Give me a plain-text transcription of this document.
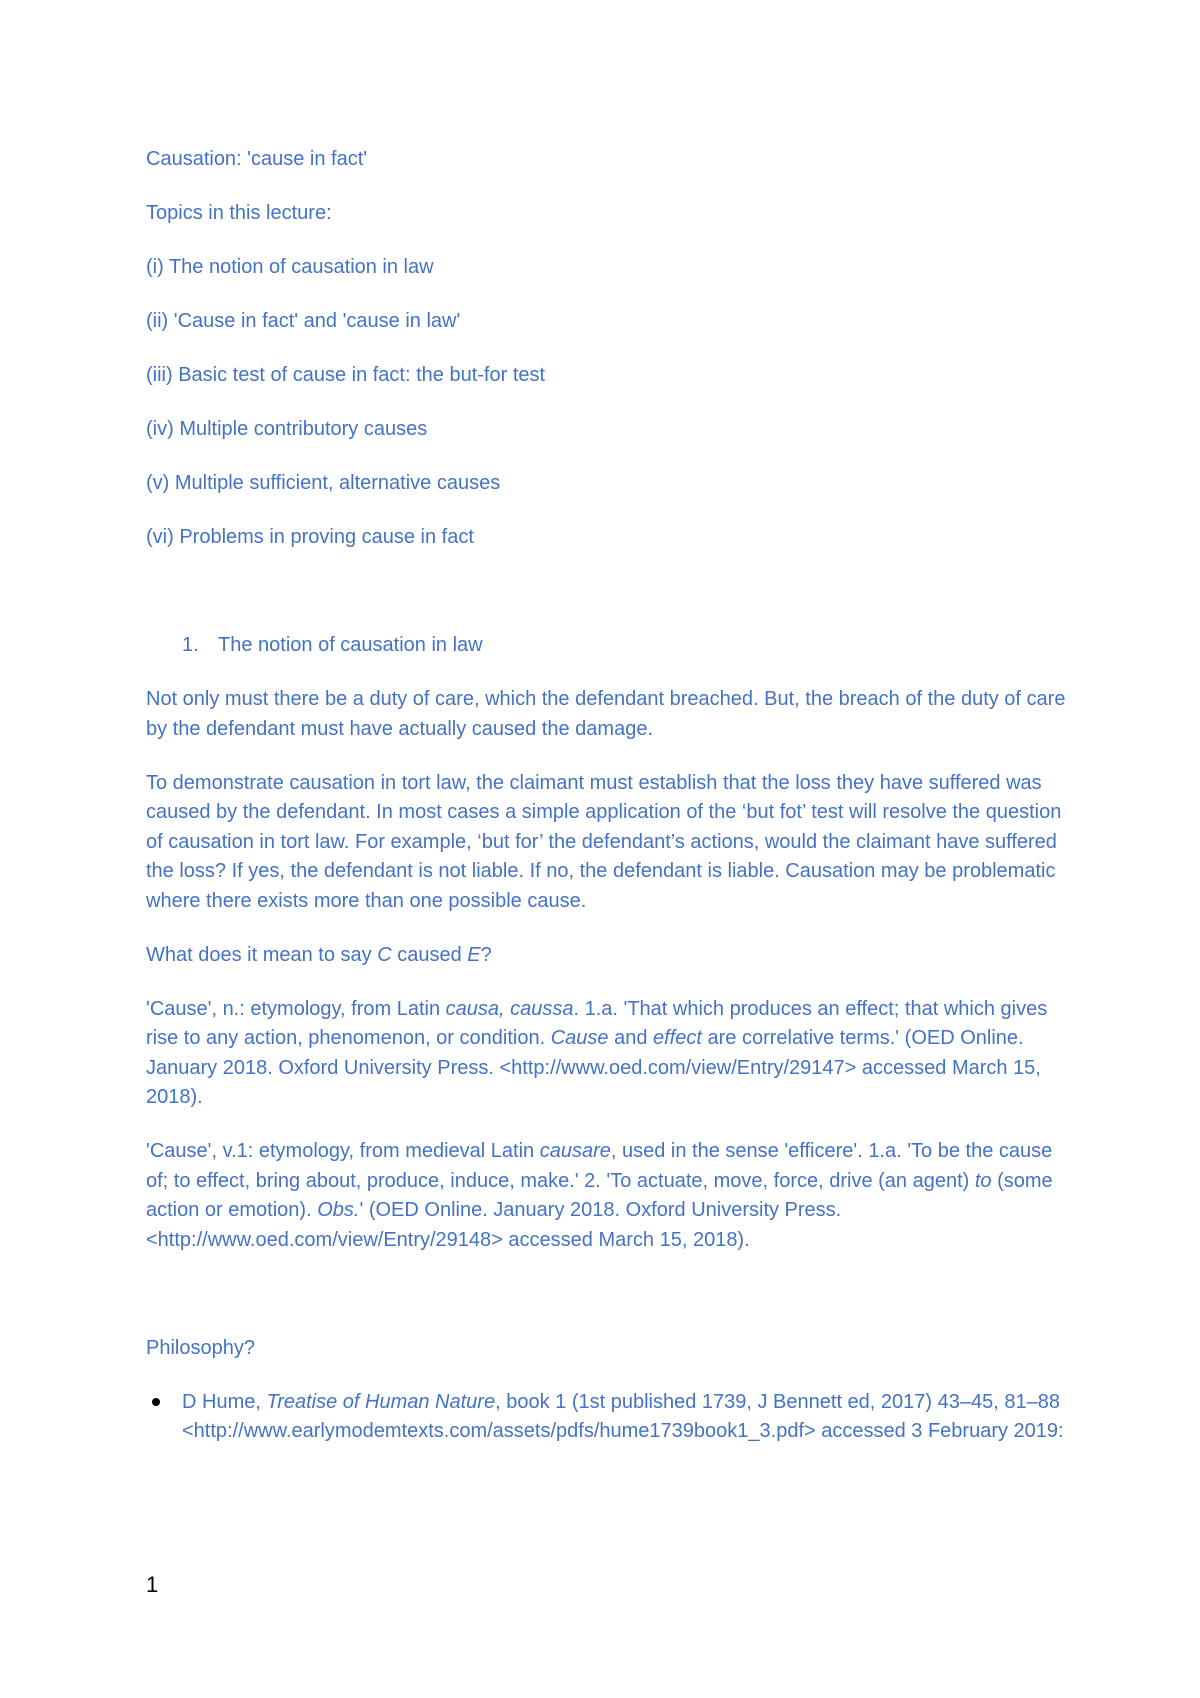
Causation: 'cause in fact'

Topics in this lecture:

(i) The notion of causation in law

(ii) 'Cause in fact' and 'cause in law'

(iii) Basic test of cause in fact: the but-for test

(iv) Multiple contributory causes

(v) Multiple sufficient, alternative causes

(vi) Problems in proving cause in fact

1. The notion of causation in law

Not only must there be a duty of care, which the defendant breached. But, the breach of the duty of care by the defendant must have actually caused the damage.

To demonstrate causation in tort law, the claimant must establish that the loss they have suffered was caused by the defendant. In most cases a simple application of the ‘but fot’ test will resolve the question of causation in tort law. For example, ‘but for’ the defendant’s actions, would the claimant have suffered the loss? If yes, the defendant is not liable. If no, the defendant is liable. Causation may be problematic where there exists more than one possible cause.

What does it mean to say C caused E?

'Cause', n.: etymology, from Latin causa, caussa. 1.a. 'That which produces an effect; that which gives rise to any action, phenomenon, or condition. Cause and effect are correlative terms.' (OED Online. January 2018. Oxford University Press. <http://www.oed.com/view/Entry/29147> accessed March 15, 2018).

'Cause', v.1: etymology, from medieval Latin causare, used in the sense 'efficere'. 1.a. 'To be the cause of; to effect, bring about, produce, induce, make.' 2. 'To actuate, move, force, drive (an agent) to (some action or emotion). Obs.' (OED Online. January 2018. Oxford University Press. <http://www.oed.com/view/Entry/29148> accessed March 15, 2018).

Philosophy?

D Hume, Treatise of Human Nature, book 1 (1st published 1739, J Bennett ed, 2017) 43–45, 81–88 <http://www.earlymodemtexts.com/assets/pdfs/hume1739book1_3.pdf> accessed 3 February 2019:
1
